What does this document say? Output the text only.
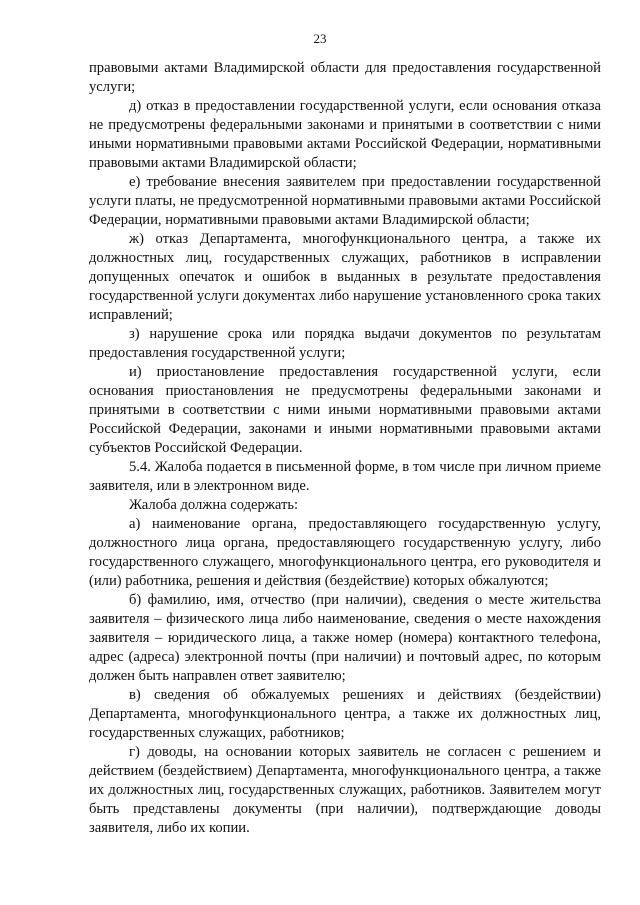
23

правовыми актами Владимирской области для предоставления государственной услуги;

д) отказ в предоставлении государственной услуги, если основания отказа не предусмотрены федеральными законами и принятыми в соответствии с ними иными нормативными правовыми актами Российской Федерации, нормативными правовыми актами Владимирской области;

е) требование внесения заявителем при предоставлении государственной услуги платы, не предусмотренной нормативными правовыми актами Российской Федерации, нормативными правовыми актами Владимирской области;

ж) отказ Департамента, многофункционального центра, а также их должностных лиц, государственных служащих, работников в исправлении допущенных опечаток и ошибок в выданных в результате предоставления государственной услуги документах либо нарушение установленного срока таких исправлений;

з) нарушение срока или порядка выдачи документов по результатам предоставления государственной услуги;

и) приостановление предоставления государственной услуги, если основания приостановления не предусмотрены федеральными законами и принятыми в соответствии с ними иными нормативными правовыми актами Российской Федерации, законами и иными нормативными правовыми актами субъектов Российской Федерации.

5.4. Жалоба подается в письменной форме, в том числе при личном приеме заявителя, или в электронном виде.

Жалоба должна содержать:

а) наименование органа, предоставляющего государственную услугу, должностного лица органа, предоставляющего государственную услугу, либо государственного служащего, многофункционального центра, его руководителя и (или) работника, решения и действия (бездействие) которых обжалуются;

б) фамилию, имя, отчество (при наличии), сведения о месте жительства заявителя – физического лица либо наименование, сведения о месте нахождения заявителя – юридического лица, а также номер (номера) контактного телефона, адрес (адреса) электронной почты (при наличии) и почтовый адрес, по которым должен быть направлен ответ заявителю;

в) сведения об обжалуемых решениях и действиях (бездействии) Департамента, многофункционального центра, а также их должностных лиц, государственных служащих, работников;

г) доводы, на основании которых заявитель не согласен с решением и действием (бездействием) Департамента, многофункционального центра, а также их должностных лиц, государственных служащих, работников. Заявителем могут быть представлены документы (при наличии), подтверждающие доводы заявителя, либо их копии.
